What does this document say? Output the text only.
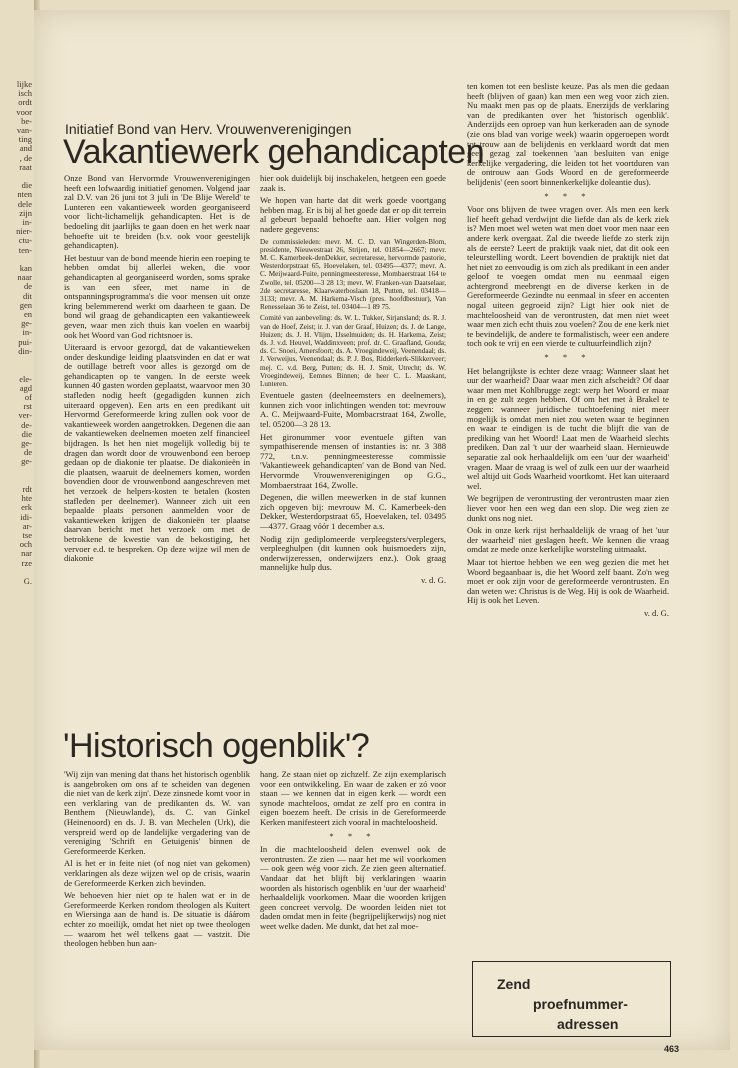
lijke
isch
ordt
voor
be-
van-
ting
and
, de
raat

die
nten
dele
zijn
in-
nier-
ctu-
ten-

kan
naar
de
dit
gen
en
ge-
in-
pui-
din-

ele-
agd
of
rst
ver-
de-
die
ge-
de
ge-

rdt
hte
erk
idi-
ar-
tse
och
nar
rze

G.
Initiatief Bond van Herv. Vrouwenverenigingen
Vakantiewerk gehandicapten

Onze Bond van Hervormde Vrouwenverenigingen heeft een lofwaardig initiatief genomen. Volgend jaar zal D.V. van 26 juni tot 3 juli in 'De Blije Wereld' te Lunteren een vakantieweek worden georganiseerd voor licht-lichamelijk gehandicapten. Het is de bedoeling dit jaarlijks te gaan doen en het werk naar behoefte uit te breiden (b.v. ook voor geestelijk gehandicapten).

Het bestuur van de bond meende hierin een roeping te hebben omdat bij allerlei weken, die voor gehandicapten al georganiseerd worden, soms sprake is van een sfeer, met name in de ontspanningsprogramma's die voor mensen uit onze kring belemmerend werkt om daarheen te gaan. De bond wil graag de gehandicapten een vakantieweek geven, waar men zich thuis kan voelen en waarbij ook het Woord van God richtsnoer is.

Uiteraard is ervoor gezorgd, dat de vakantieweken onder deskundige leiding plaatsvinden en dat er wat de outillage betreft voor alles is gezorgd om de gehandicapten op te vangen. In de eerste week kunnen 40 gasten worden geplaatst, waarvoor men 30 stafleden nodig heeft (gegadigden kunnen zich uiteraard opgeven). Een arts en een predikant uit Hervormd Gereformeerde kring zullen ook voor de vakantieweek worden aangetrokken. Degenen die aan de vakantieweken deelnemen moeten zelf financieel bijdragen. Is het hen niet mogelijk volledig bij te dragen dan wordt door de vrouwenbond een beroep gedaan op de diakonie ter plaatse. De diakonieën in die plaatsen, waaruit de deelnemers komen, worden bovendien door de vrouwenbond aangeschreven met het verzoek de helpers-kosten te betalen (kosten stafleden per deelnemer). Wanneer zich uit een bepaalde plaats personen aanmelden voor de vakantieweken krijgen de diakonieën ter plaatse daarvan bericht met het verzoek om met de betrokkene de kwestie van de bekostiging, het vervoer e.d. te bespreken. Op deze wijze wil men de diakonie

hier ook duidelijk bij inschakelen, hetgeen een goede zaak is.

We hopen van harte dat dit werk goede voortgang hebben mag. Er is bij al het goede dat er op dit terrein al gebeurt bepaald behoefte aan. Hier volgen nog nadere gegevens:

De commissieleden: mevr. M. C. D. van Wingerden-Blom, presidente, Nieuwestraat 26, Strijen, tel. 01854—2667; mevr. M. C. Kamerbeek-denDekker, secretaresse, hervormde pastorie, Westerdorpstraat 65, Hoevelaken, tel. 03495—4377; mevr. A. C. Meijwaard-Fuite, penningmeesteresse, Mombaerstraat 164 te Zwolle, tel. 05200—3 28 13; mevr. W. Franken-van Daatselaar, 2de secretaresse, Klaarwaterboslaan 18, Putten, tel. 03418—3133; mevr. A. M. Harkema-Visch (pres. hoofdbestuur), Van Renesselaan 36 te Zeist, tel. 03404—1 89 75.

Comité van aanbeveling: ds. W. L. Tukker, Sirjansland; ds. R. J. van de Hoef, Zeist; ir. J. van der Graaf, Huizen; ds. J. de Lange, Huizen; ds. J. H. Vlijm, IJsselmuiden; ds. H. Harkema, Zeist; ds. J. v.d. Heuvel, Waddinxveen; prof. dr. C. Graafland, Gouda; ds. C. Snoei, Amersfoort; ds. A. Vroegindeweij, Veenendaal; ds. J. Verweijus, Veenendaal; ds. P. J. Bos, Ridderkerk-Slikkerveer; mej. C. v.d. Berg, Putten; ds. H. J. Smit, Utrecht; ds. W. Vroegindeweij, Eemnes Binnen; de heer C. L. Maaskant, Lunteren.

Eventuele gasten (deelneemsters en deelnemers), kunnen zich voor inlichtingen wenden tot: mevrouw A. C. Meijwaard-Fuite, Mombacrstraat 164, Zwolle, tel. 05200—3 28 13.

Het gironummer voor eventuele giften van sympathiserende mensen of instanties is: nr. 3 388 772, t.n.v. penningmeesteresse commissie 'Vakantieweek gehandicapten' van de Bond van Ned. Hervormde Vrouwenverenigingen op G.G., Mombaerstraat 164, Zwolle.

Degenen, die willen meewerken in de staf kunnen zich opgeven bij: mevrouw M. C. Kamerbeek-den Dekker, Westerdorpstraat 65, Hoevelaken, tel. 03495—4377. Graag vóór 1 december a.s.

Nodig zijn gediplomeerde verpleegsters/verplegers, verpleeghulpen (dit kunnen ook huismoeders zijn, onderwijzeressen, onderwijzers enz.). Ook graag mannelijke hulp dus.

v. d. G.

ten komen tot een besliste keuze. Pas als men die gedaan heeft (blijven of gaan) kan men een weg voor zich zien. Nu maakt men pas op de plaats. Enerzijds de verklaring van de predikanten over het 'historisch ogenblik'. Anderzijds een oproep van hun kerkeraden aan de synode (zie ons blad van vorige week) waarin opgeroepen wordt tot trouw aan de belijdenis en verklaard wordt dat men geen gezag zal toekennen 'aan besluiten van enige kerkelijke vergadering, die leiden tot het voortduren van de ontrouw aan Gods Woord en de gereformeerde belijdenis' (een soort binnenkerkelijke doleantie dus).

* * *

Voor ons blijven de twee vragen over. Als men een kerk lief heeft gehad verdwijnt die liefde dan als de kerk ziek is? Men moet wel weten wat men doet voor men naar een andere kerk overgaat. Zal die tweede liefde zo sterk zijn als de eerste? Leert de praktijk vaak niet, dat dit ook een teleurstelling wordt. Leert bovendien de praktijk niet dat het niet zo eenvoudig is om zich als predikant in een ander geloof te voegen omdat men nu eenmaal eigen achtergrond meebrengt en de diverse kerken in de Gereformeerde Gezindte nu eenmaal in sfeer en accenten nogal uiteen gegroeid zijn? Ligt hier ook niet de machteloosheid van de verontrusten, dat men niet weet waar men zich echt thuis zou voelen? Zou de ene kerk niet te bevindelijk, de andere te formalistisch, weer een andere toch ook te vrij en een vierde te cultuurfeindlich zijn?

* * *

Het belangrijkste is echter deze vraag: Wanneer slaat het uur der waarheid? Daar waar men zich afscheidt? Of daar waar men met Kohlbrugge zegt: werp het Woord er maar in en ge zult zegen hebben. Of om het met à Brakel te zeggen: wanneer juridische tuchtoefening niet meer mogelijk is omdat men niet zou weten waar te beginnen en waar te eindigen is de tucht die blijft die van de prediking van het Woord! Laat men de Waarheid slechts prediken. Dan zal 't uur der waarheid slaan. Hernieuwde separatie zal ook herhaaldelijk om een 'uur der waarheid' vragen. Maar de vraag is wel of zulk een uur der waarheid wel altijd uit Gods Waarheid voortkomt. Het kan uiteraard wel.

We begrijpen de verontrusting der verontrusten maar zien liever voor hen een weg dan een slop. Die weg zien ze dunkt ons nog niet.

Ook in onze kerk rijst herhaaldelijk de vraag of het 'uur der waarheid' niet geslagen heeft. We kennen die vraag omdat ze mede onze kerkelijke worsteling uitmaakt.

Maar tot hiertoe hebben we een weg gezien die met het Woord begaanbaar is, die het Woord zelf baant. Zo'n weg moet er ook zijn voor de gereformeerde verontrusten. En dan weten we: Christus is de Weg. Hij is ook de Waarheid. Hij is ook het Leven.

v. d. G.

'Historisch ogenblik'?

'Wij zijn van mening dat thans het historisch ogenblik is aangebroken om ons af te scheiden van degenen die niet van de kerk zijn'. Deze zinsnede komt voor in een verklaring van de predikanten ds. W. van Benthem (Nieuwlande), ds. C. van Ginkel (Heinenoord) en ds. J. B. van Mechelen (Urk), die verspreid werd op de landelijke vergadering van de vereniging 'Schrift en Getuigenis' binnen de Gereformeerde Kerken.

Al is het er in feite niet (of nog niet van gekomen) verklaringen als deze wijzen wel op de crisis, waarin de Gereformeerde Kerken zich bevinden.

We behoeven hier niet op te halen wat er in de Gereformeerde Kerken rondom theologen als Kuitert en Wiersinga aan de hand is. De situatie is dáárom echter zo moeilijk, omdat het niet op twee theologen — waarom het wél telkens gaat — vastzit. Die theologen hebben hun aan-

hang. Ze staan niet op zichzelf. Ze zijn exemplarisch voor een ontwikkeling. En waar de zaken er zó voor staan — we kennen dat in eigen kerk — wordt een synode machteloos, omdat ze zelf pro en contra in eigen boezem heeft. De crisis in de Gereformeerde Kerken manifesteert zich vooral in machteloosheid.

* * *

In die machteloosheid delen evenwel ook de verontrusten. Ze zien — naar het me wil voorkomen — ook geen wég voor zich. Ze zien geen alternatief. Vandaar dat het blijft bij verklaringen waarin woorden als historisch ogenblik en 'uur der waarheid' herhaaldelijk voorkomen. Maar die woorden krijgen geen concreet vervolg. De woorden leiden niet tot daden omdat men in feite (begrijpelijkerwijs) nog niet weet welke daden. Me dunkt, dat het zal moe-

Zend
proefnummer-
adressen
463
